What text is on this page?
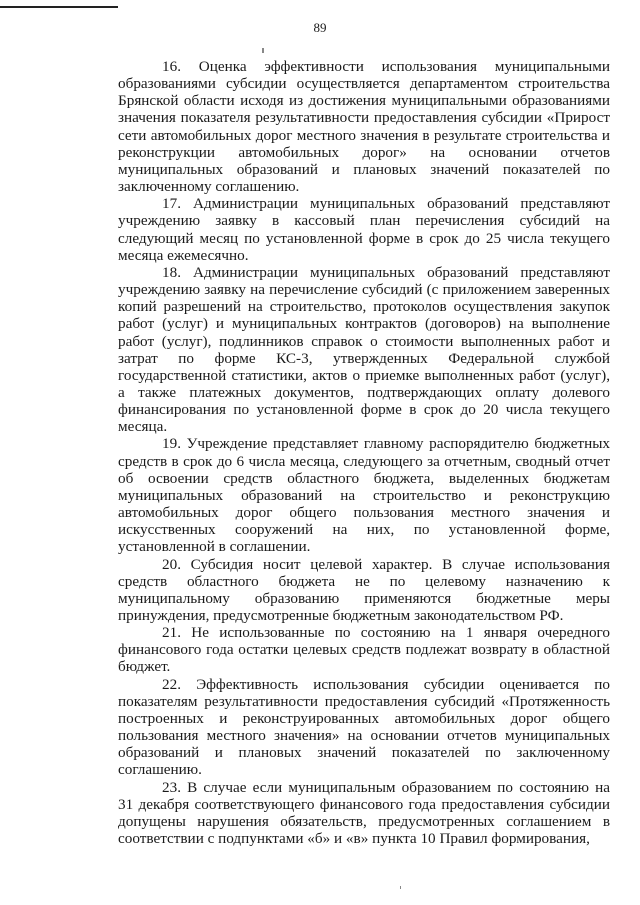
89

16. Оценка эффективности использования муниципальными образованиями субсидии осуществляется департаментом строительства Брянской области исходя из достижения муниципальными образованиями значения показателя результативности предоставления субсидии «Прирост сети автомобильных дорог местного значения в результате строительства и реконструкции автомобильных дорог» на основании отчетов муниципальных образований и плановых значений показателей по заключенному соглашению.

17. Администрации муниципальных образований представляют учреждению заявку в кассовый план перечисления субсидий на следующий месяц по установленной форме в срок до 25 числа текущего месяца ежемесячно.

18. Администрации муниципальных образований представляют учреждению заявку на перечисление субсидий (с приложением заверенных копий разрешений на строительство, протоколов осуществления закупок работ (услуг) и муниципальных контрактов (договоров) на выполнение работ (услуг), подлинников справок о стоимости выполненных работ и затрат по форме КС-3, утвержденных Федеральной службой государственной статистики, актов о приемке выполненных работ (услуг), а также платежных документов, подтверждающих оплату долевого финансирования по установленной форме в срок до 20 числа текущего месяца.

19. Учреждение представляет главному распорядителю бюджетных средств в срок до 6 числа месяца, следующего за отчетным, сводный отчет об освоении средств областного бюджета, выделенных бюджетам муниципальных образований на строительство и реконструкцию автомобильных дорог общего пользования местного значения и искусственных сооружений на них, по установленной форме, установленной в соглашении.

20. Субсидия носит целевой характер. В случае использования средств областного бюджета не по целевому назначению к муниципальному образованию применяются бюджетные меры принуждения, предусмотренные бюджетным законодательством РФ.

21. Не использованные по состоянию на 1 января очередного финансового года остатки целевых средств подлежат возврату в областной бюджет.

22. Эффективность использования субсидии оценивается по показателям результативности предоставления субсидий «Протяженность построенных и реконструированных автомобильных дорог общего пользования местного значения» на основании отчетов муниципальных образований и плановых значений показателей по заключенному соглашению.

23. В случае если муниципальным образованием по состоянию на 31 декабря соответствующего финансового года предоставления субсидии допущены нарушения обязательств, предусмотренных соглашением в соответствии с подпунктами «б» и «в» пункта 10 Правил формирования,
